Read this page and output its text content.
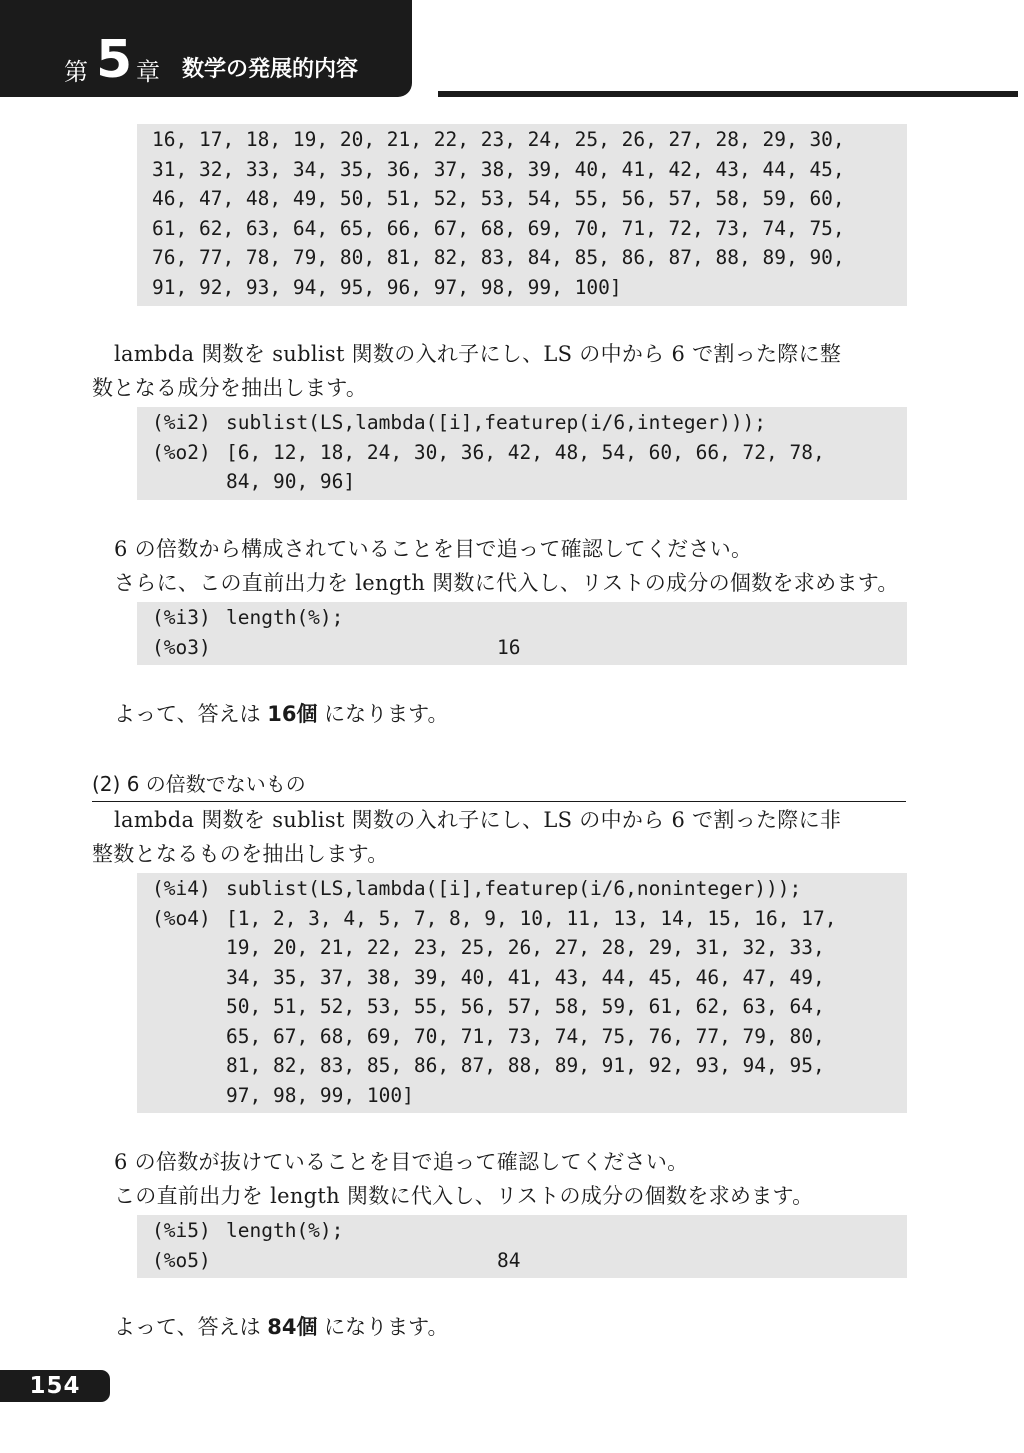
第 5 章 数学の発展的内容
16, 17, 18, 19, 20, 21, 22, 23, 24, 25, 26, 27, 28, 29, 30,
31, 32, 33, 34, 35, 36, 37, 38, 39, 40, 41, 42, 43, 44, 45,
46, 47, 48, 49, 50, 51, 52, 53, 54, 55, 56, 57, 58, 59, 60,
61, 62, 63, 64, 65, 66, 67, 68, 69, 70, 71, 72, 73, 74, 75,
76, 77, 78, 79, 80, 81, 82, 83, 84, 85, 86, 87, 88, 89, 90,
91, 92, 93, 94, 95, 96, 97, 98, 99, 100]
lambda 関数を sublist 関数の入れ子にし、LS の中から 6 で割った際に整
数となる成分を抽出します。
(%i2) sublist(LS,lambda([i],featurep(i/6,integer)));
(%o2) [6, 12, 18, 24, 30, 36, 42, 48, 54, 60, 66, 72, 78,
84, 90, 96]
6 の倍数から構成されていることを目で追って確認してください。
さらに、この直前出力を length 関数に代入し、リストの成分の個数を求めます。
(%i3) length(%);
(%o3)	16
よって、答えは 16個 になります。
(2) 6 の倍数でないもの
lambda 関数を sublist 関数の入れ子にし、LS の中から 6 で割った際に非
整数となるものを抽出します。
(%i4) sublist(LS,lambda([i],featurep(i/6,noninteger)));
(%o4) [1, 2, 3, 4, 5, 7, 8, 9, 10, 11, 13, 14, 15, 16, 17,
19, 20, 21, 22, 23, 25, 26, 27, 28, 29, 31, 32, 33,
34, 35, 37, 38, 39, 40, 41, 43, 44, 45, 46, 47, 49,
50, 51, 52, 53, 55, 56, 57, 58, 59, 61, 62, 63, 64,
65, 67, 68, 69, 70, 71, 73, 74, 75, 76, 77, 79, 80,
81, 82, 83, 85, 86, 87, 88, 89, 91, 92, 93, 94, 95,
97, 98, 99, 100]
6 の倍数が抜けていることを目で追って確認してください。
この直前出力を length 関数に代入し、リストの成分の個数を求めます。
(%i5) length(%);
(%o5)	84
よって、答えは 84個 になります。
154
